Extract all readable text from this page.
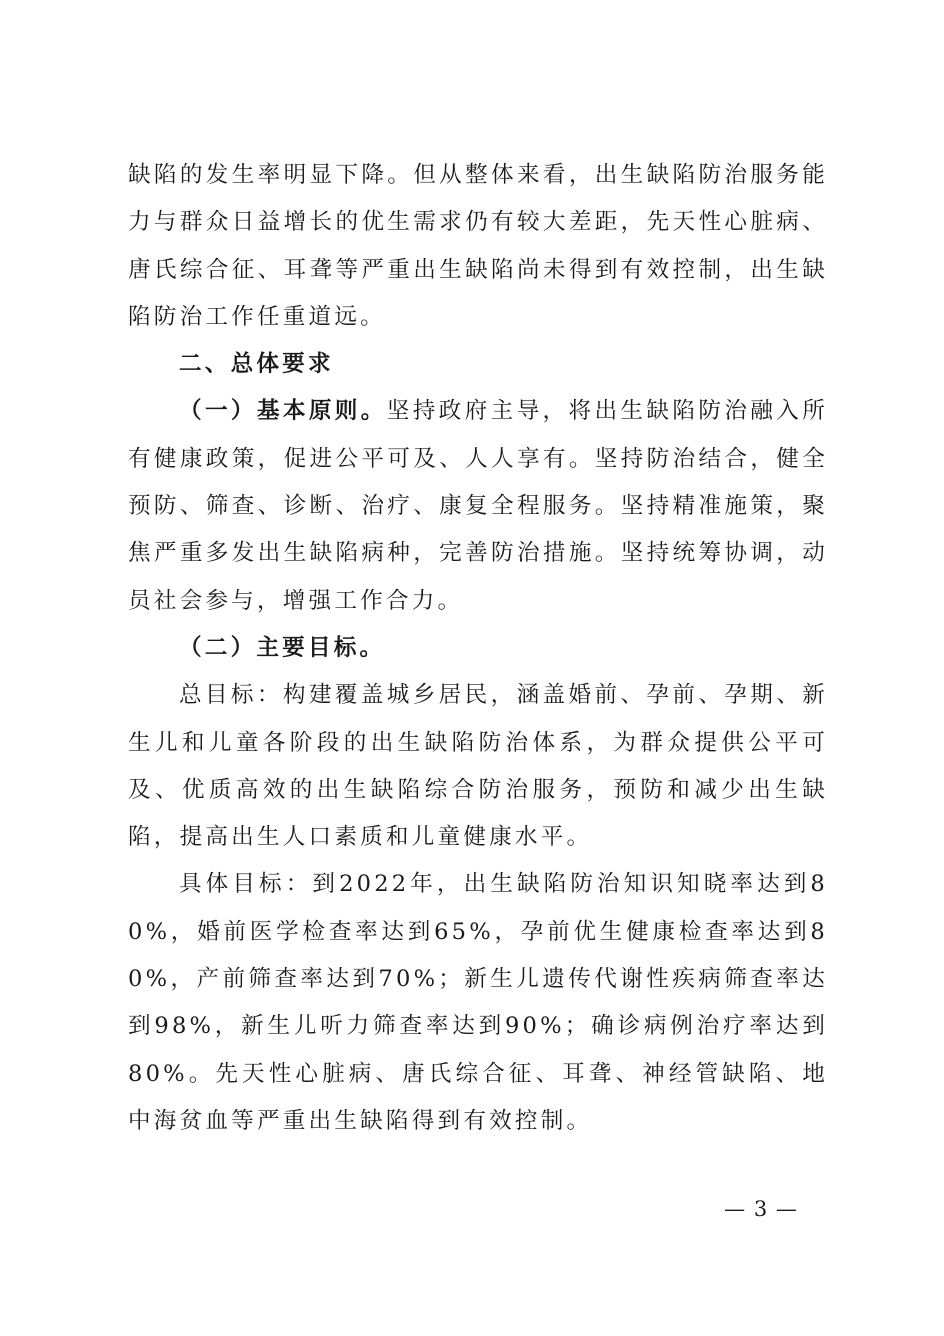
缺陷的发生率明显下降。但从整体来看，出生缺陷防治服务能力与群众日益增长的优生需求仍有较大差距，先天性心脏病、唐氏综合征、耳聋等严重出生缺陷尚未得到有效控制，出生缺陷防治工作任重道远。

二、总体要求

（一）基本原则。坚持政府主导，将出生缺陷防治融入所有健康政策，促进公平可及、人人享有。坚持防治结合，健全预防、筛查、诊断、治疗、康复全程服务。坚持精准施策，聚焦严重多发出生缺陷病种，完善防治措施。坚持统筹协调，动员社会参与，增强工作合力。

（二）主要目标。

总目标：构建覆盖城乡居民，涵盖婚前、孕前、孕期、新生儿和儿童各阶段的出生缺陷防治体系，为群众提供公平可及、优质高效的出生缺陷综合防治服务，预防和减少出生缺陷，提高出生人口素质和儿童健康水平。

具体目标：到2022年，出生缺陷防治知识知晓率达到80%，婚前医学检查率达到65%，孕前优生健康检查率达到80%，产前筛查率达到70%；新生儿遗传代谢性疾病筛查率达到98%，新生儿听力筛查率达到90%；确诊病例治疗率达到80%。先天性心脏病、唐氏综合征、耳聋、神经管缺陷、地中海贫血等严重出生缺陷得到有效控制。

— 3 —
